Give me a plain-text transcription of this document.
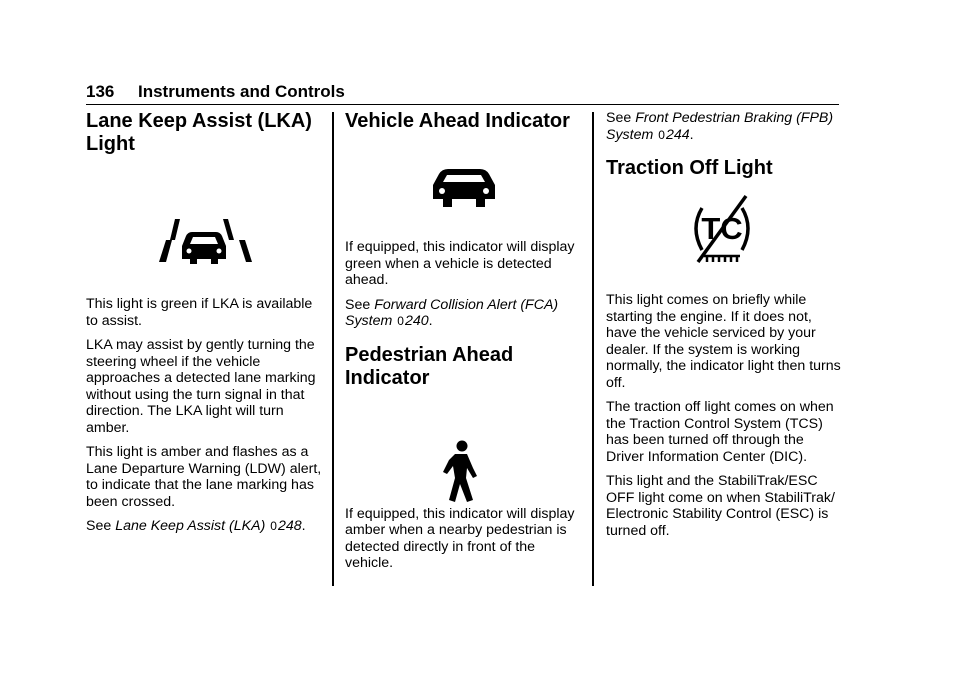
136 Instruments and Controls
Lane Keep Assist (LKA) Light

This light is green if LKA is available to assist.

LKA may assist by gently turning the steering wheel if the vehicle approaches a detected lane marking without using the turn signal in that direction. The LKA light will turn amber.

This light is amber and flashes as a Lane Departure Warning (LDW) alert, to indicate that the lane marking has been crossed.

See Lane Keep Assist (LKA) 0248.

Vehicle Ahead Indicator

If equipped, this indicator will display green when a vehicle is detected ahead.

See Forward Collision Alert (FCA) System 0240.

Pedestrian Ahead Indicator

If equipped, this indicator will display amber when a nearby pedestrian is detected directly in front of the vehicle.

See Front Pedestrian Braking (FPB) System 0244.

Traction Off Light
TC

This light comes on briefly while starting the engine. If it does not, have the vehicle serviced by your dealer. If the system is working normally, the indicator light then turns off.

The traction off light comes on when the Traction Control System (TCS) has been turned off through the Driver Information Center (DIC).

This light and the StabiliTrak/ESC OFF light come on when StabiliTrak/ Electronic Stability Control (ESC) is turned off.
